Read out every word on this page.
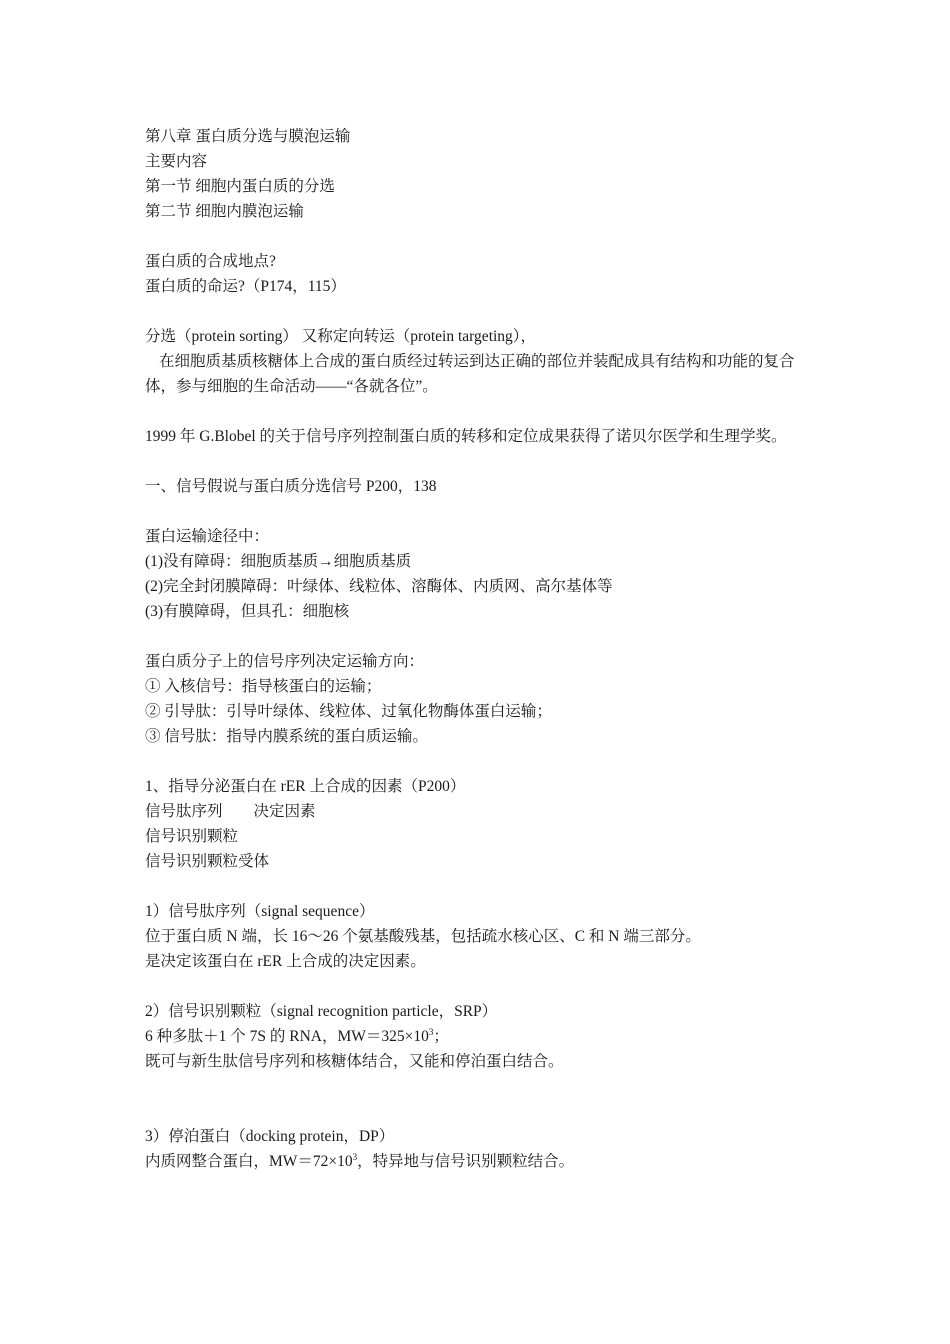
第八章 蛋白质分选与膜泡运输
主要内容
第一节 细胞内蛋白质的分选
第二节 细胞内膜泡运输
蛋白质的合成地点?
蛋白质的命运?（P174，115）
分选（protein sorting） 又称定向转运（protein targeting），
在细胞质基质核糖体上合成的蛋白质经过转运到达正确的部位并装配成具有结构和功能的复合体，参与细胞的生命活动——“各就各位”。
1999 年 G.Blobel 的关于信号序列控制蛋白质的转移和定位成果获得了诺贝尔医学和生理学奖。
一、信号假说与蛋白质分选信号 P200，138
蛋白运输途径中：
(1)没有障碍：细胞质基质→细胞质基质
(2)完全封闭膜障碍：叶绿体、线粒体、溶酶体、内质网、高尔基体等
(3)有膜障碍，但具孔：细胞核
蛋白质分子上的信号序列决定运输方向：
① 入核信号：指导核蛋白的运输；
② 引导肽：引导叶绿体、线粒体、过氧化物酶体蛋白运输；
③ 信号肽：指导内膜系统的蛋白质运输。
1、指导分泌蛋白在 rER 上合成的因素（P200）
信号肽序列　　决定因素
信号识别颗粒
信号识别颗粒受体
1）信号肽序列（signal sequence）
位于蛋白质 N 端，长 16～26 个氨基酸残基，包括疏水核心区、C 和 N 端三部分。
是决定该蛋白在 rER 上合成的决定因素。
2）信号识别颗粒（signal recognition particle，SRP）
6 种多肽＋1 个 7S 的 RNA，$MW=325\times 10^3$；
既可与新生肽信号序列和核糖体结合，又能和停泊蛋白结合。
3）停泊蛋白（docking protein，DP）
内质网整合蛋白，$MW=72\times 10^3$，特异地与信号识别颗粒结合。
